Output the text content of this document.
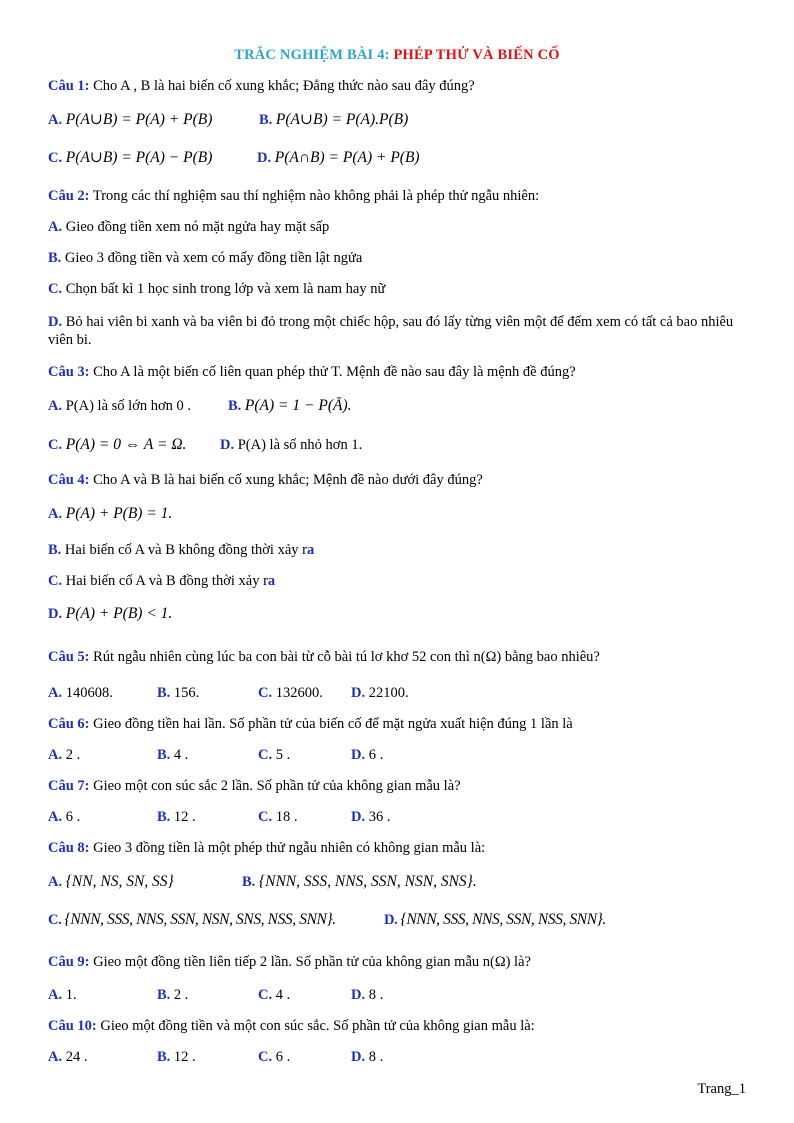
TRẮC NGHIỆM BÀI 4: PHÉP THỬ VÀ BIẾN CỐ
Câu 1: Cho A , B là hai biến cố xung khắc; Đẳng thức nào sau đây đúng?
A. P(A∪B) = P(A) + P(B)	B. P(A∪B) = P(A).P(B)
C. P(A∪B) = P(A) − P(B)	D. P(A∩B) = P(A) + P(B)
Câu 2: Trong các thí nghiệm sau thí nghiệm nào không phải là phép thử ngẫu nhiên:
A. Gieo đồng tiền xem nó mặt ngửa hay mặt sấp
B. Gieo 3 đồng tiền và xem có mấy đồng tiền lật ngửa
C. Chọn bất kì 1 học sinh trong lớp và xem là nam hay nữ
D. Bỏ hai viên bi xanh và ba viên bi đỏ trong một chiếc hộp, sau đó lấy từng viên một để đếm xem có tất cả bao nhiêu viên bi.
Câu 3: Cho A là một biến cố liên quan phép thử T. Mệnh đề nào sau đây là mệnh đề đúng?
A. P(A) là số lớn hơn 0 .	B. P(A) = 1 − P(Ā).
C. P(A) = 0 ⇔ A = Ω. D. P(A) là số nhỏ hơn 1.
Câu 4: Cho A và B là hai biến cố xung khắc; Mệnh đề nào dưới đây đúng?
A. P(A) + P(B) = 1.
B. Hai biến cố A và B không đồng thời xảy ra
C. Hai biến cố A và B đồng thời xảy ra
D. P(A) + P(B) < 1.
Câu 5: Rút ngẫu nhiên cùng lúc ba con bài từ cỗ bài tú lơ khơ 52 con thì n(Ω) bằng bao nhiêu?
A. 140608.	B. 156.	C. 132600. D. 22100.
Câu 6: Gieo đồng tiền hai lần. Số phần tử của biến cố để mặt ngửa xuất hiện đúng 1 lần là
A. 2 .	B. 4 .	C. 5 .	D. 6 .
Câu 7: Gieo một con súc sắc 2 lần. Số phần tử của không gian mẫu là?
A. 6 .	B. 12 .	C. 18 .	D. 36 .
Câu 8: Gieo 3 đồng tiền là một phép thử ngẫu nhiên có không gian mẫu là:
A. {NN, NS, SN, SS}	B. {NNN, SSS, NNS, SSN, NSN, SNS}.
C. {NNN, SSS, NNS, SSN, NSN, SNS, NSS, SNN}.	D. {NNN, SSS, NNS, SSN, NSS, SNN}.
Câu 9: Gieo một đồng tiền liên tiếp 2 lần. Số phần tử của không gian mẫu n(Ω) là?
A. 1.	B. 2 .	C. 4 .	D. 8 .
Câu 10: Gieo một đồng tiền và một con súc sắc. Số phần tử của không gian mẫu là:
A. 24 .	B. 12 .	C. 6 .	D. 8 .
Trang_1
